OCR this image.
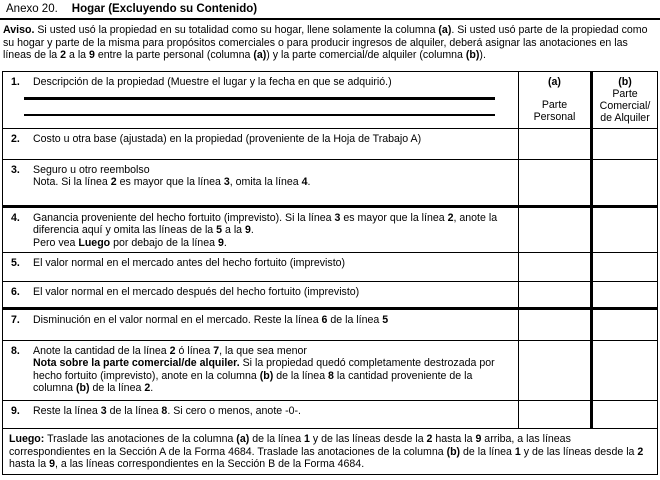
Anexo 20. Hogar (Excluyendo su Contenido)

Aviso. Si usted usó la propiedad en su totalidad como su hogar, llene solamente la columna (a). Si usted usó parte de la propiedad como su hogar y parte de la misma para propósitos comerciales o para producir ingresos de alquiler, deberá asignar las anotaciones en las líneas de la 2 a la 9 entre la parte personal (columna (a)) y la parte comercial/de alquiler (columna (b)).

1. Descripción de la propiedad (Muestre el lugar y la fecha en que se adquirió.)	(a)
Parte
Personal
(b)
Parte
Comercial/
de Alquiler
2. Costo u otra base (ajustada) en la propiedad (proveniente de la Hoja de Trabajo A)
3. Seguro u otro reembolso
Nota. Si la línea 2 es mayor que la línea 3, omita la línea 4.
4. Ganancia proveniente del hecho fortuito (imprevisto). Si la línea 3 es mayor que la línea 2, anote la diferencia aquí y omita las líneas de la 5 a la 9.
Pero vea Luego por debajo de la línea 9.
5. El valor normal en el mercado antes del hecho fortuito (imprevisto)
6. El valor normal en el mercado después del hecho fortuito (imprevisto)
7. Disminución en el valor normal en el mercado. Reste la línea 6 de la línea 5
8. Anote la cantidad de la línea 2 ó línea 7, la que sea menor
Nota sobre la parte comercial/de alquiler. Si la propiedad quedó completamente destrozada por hecho fortuito (imprevisto), anote en la columna (b) de la línea 8 la cantidad proveniente de la columna (b) de la línea 2.
9. Reste la línea 3 de la línea 8. Si cero o menos, anote -0-.
Luego: Traslade las anotaciones de la columna (a) de la línea 1 y de las líneas desde la 2 hasta la 9 arriba, a las líneas correspondientes en la Sección A de la Forma 4684. Traslade las anotaciones de la columna (b) de la línea 1 y de las líneas desde la 2 hasta la 9, a las líneas correspondientes en la Sección B de la Forma 4684.
